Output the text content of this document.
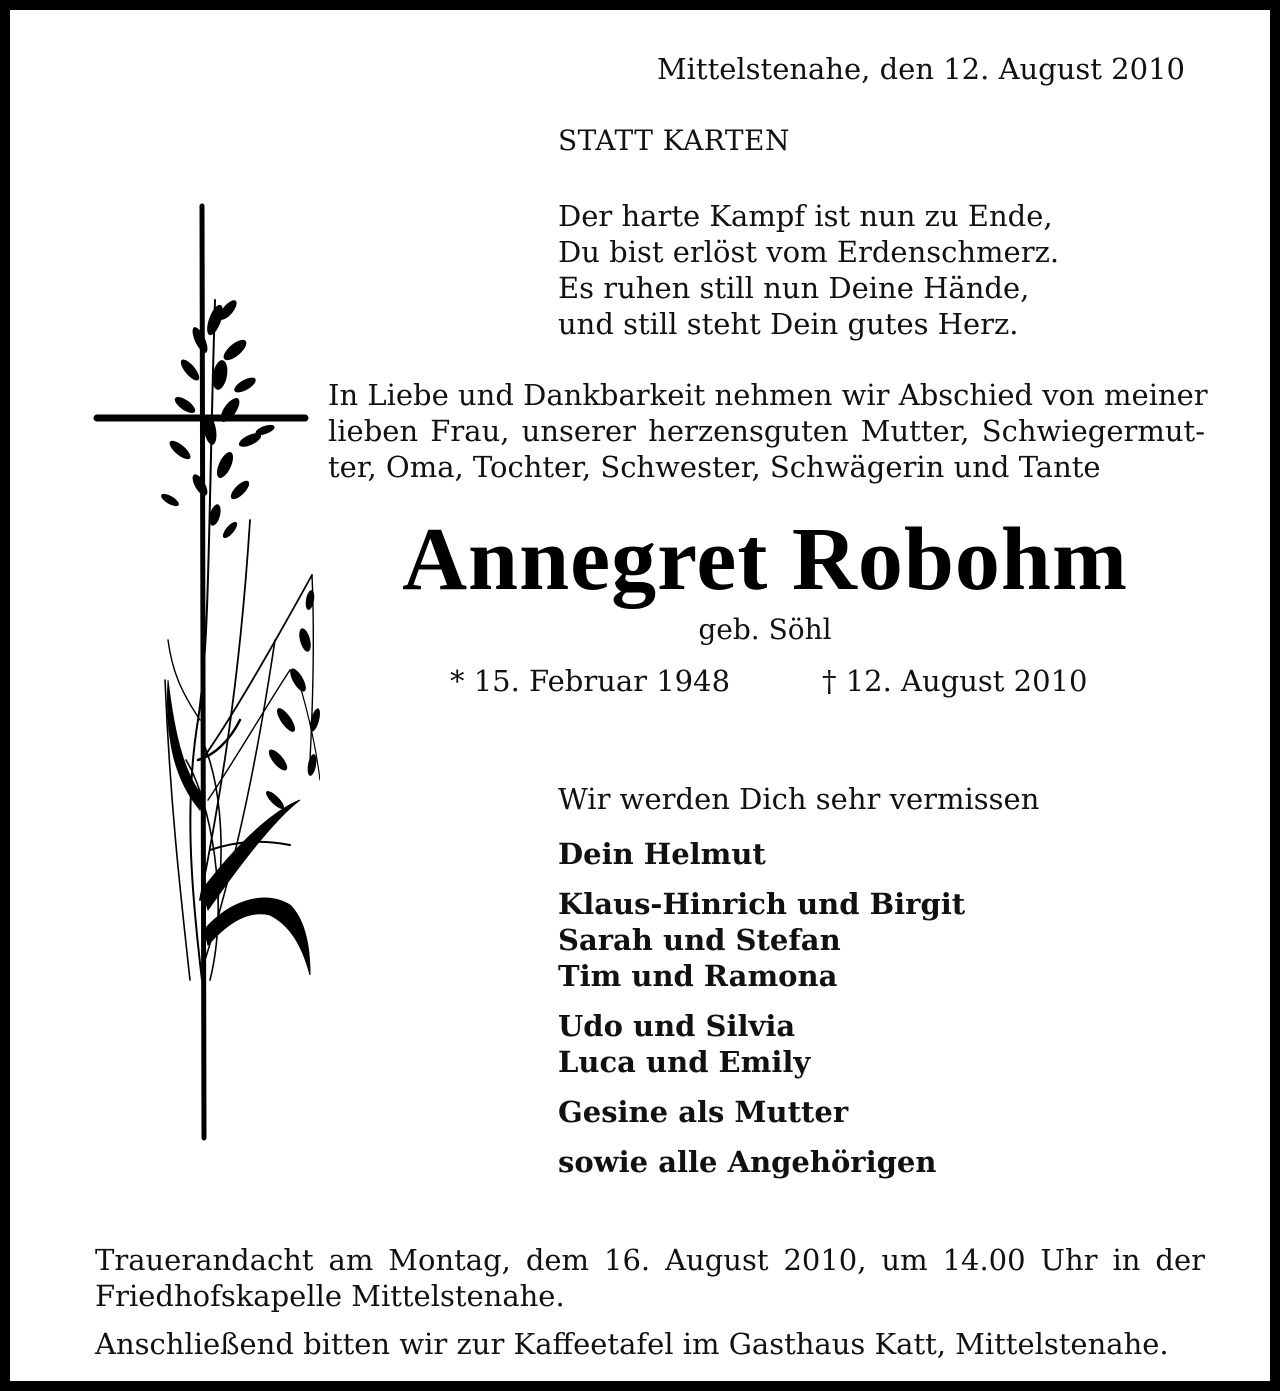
Mittelstenahe, den 12. August 2010
STATT KARTEN
Der harte Kampf ist nun zu Ende,
Du bist erlöst vom Erdenschmerz.
Es ruhen still nun Deine Hände,
und still steht Dein gutes Herz.
In Liebe und Dankbarkeit nehmen wir Abschied von meiner
lieben Frau, unserer herzensguten Mutter, Schwiegermut-
ter, Oma, Tochter, Schwester, Schwägerin und Tante
Annegret Robohm
geb. Söhl
* 15. Februar 1948	† 12. August 2010
Wir werden Dich sehr vermissen
Dein Helmut
Klaus-Hinrich und Birgit
Sarah und Stefan
Tim und Ramona
Udo und Silvia
Luca und Emily
Gesine als Mutter
sowie alle Angehörigen
Trauerandacht am Montag, dem 16. August 2010, um 14.00 Uhr in der
Friedhofskapelle Mittelstenahe.
Anschließend bitten wir zur Kaffeetafel im Gasthaus Katt, Mittelstenahe.
